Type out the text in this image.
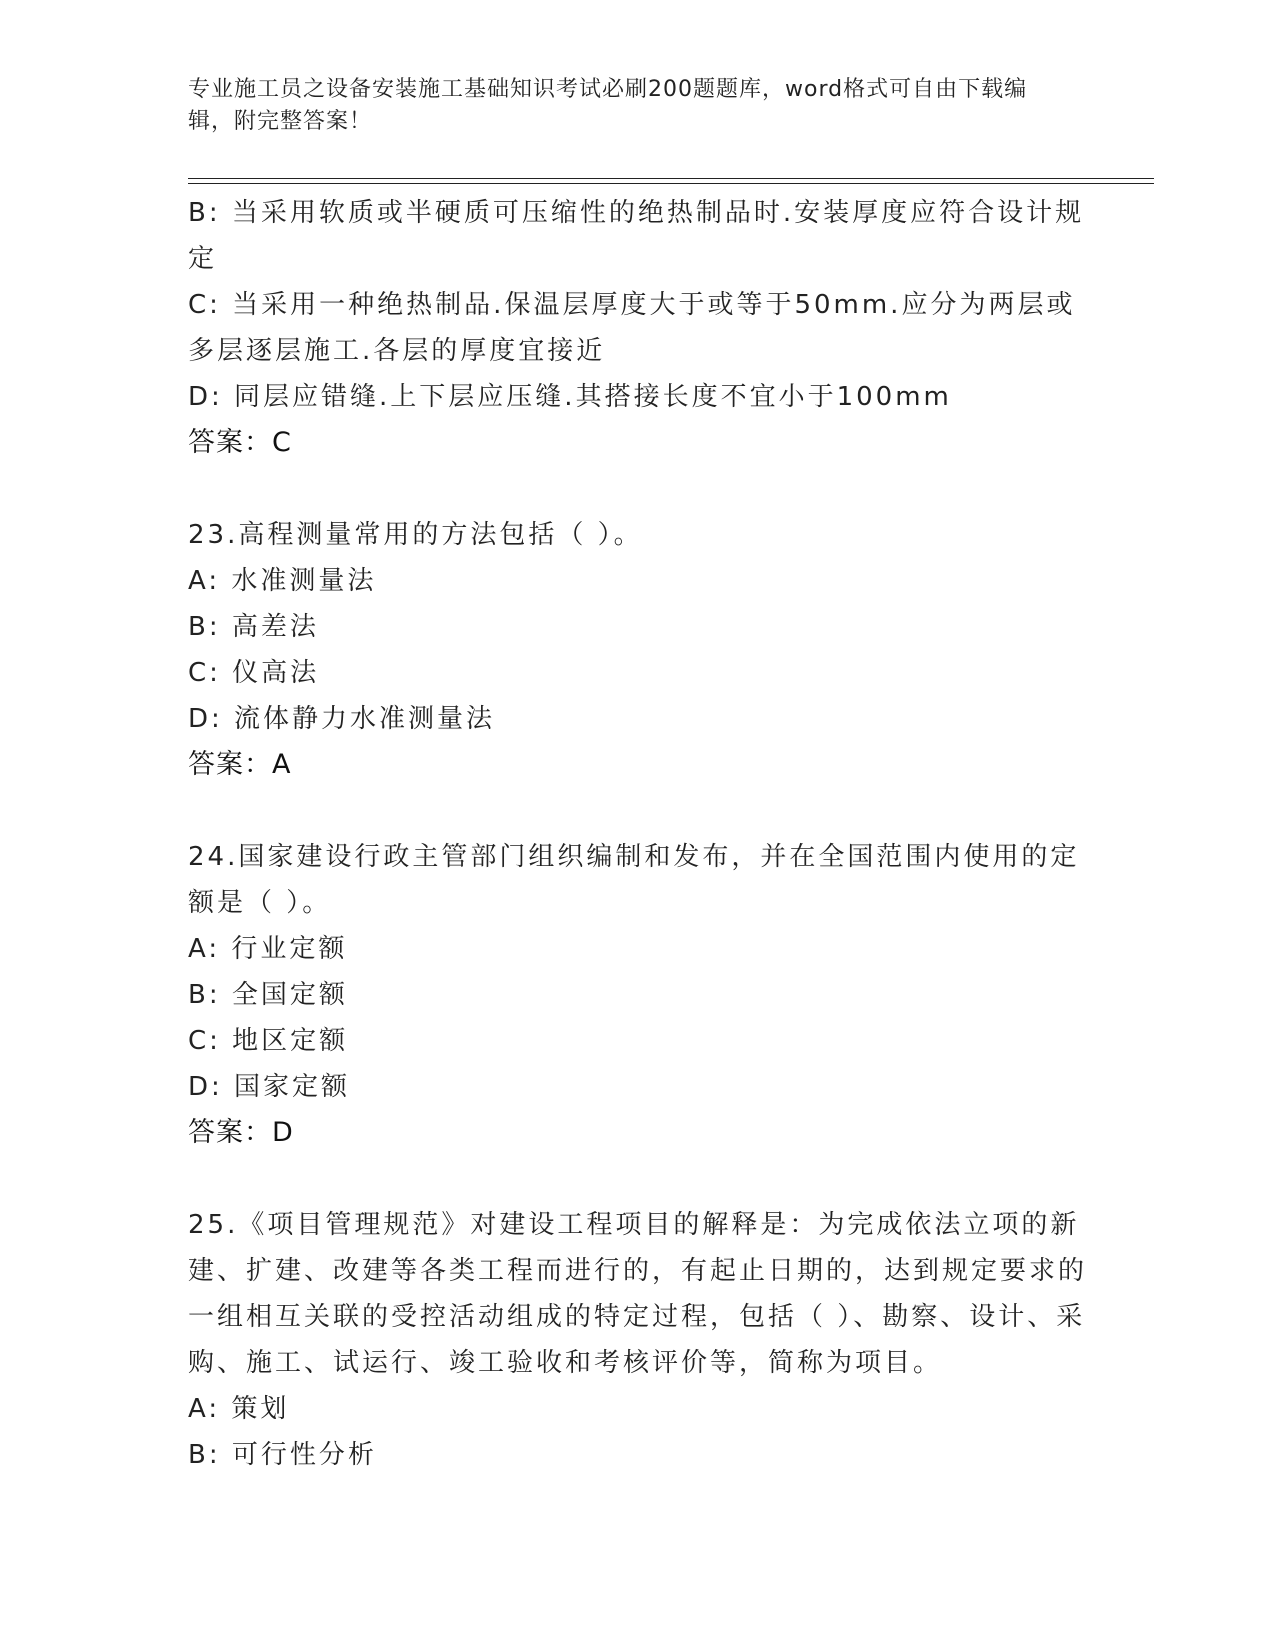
专业施工员之设备安装施工基础知识考试必刷200题题库，word格式可自由下载编辑，附完整答案！
B: 当采用软质或半硬质可压缩性的绝热制品时.安装厚度应符合设计规定
C: 当采用一种绝热制品.保温层厚度大于或等于50mm.应分为两层或多层逐层施工.各层的厚度宜接近
D: 同层应错缝.上下层应压缝.其搭接长度不宜小于100mm
答案：C
23.高程测量常用的方法包括（ ）。
A: 水准测量法
B: 高差法
C: 仪高法
D: 流体静力水准测量法
答案：A
24.国家建设行政主管部门组织编制和发布，并在全国范围内使用的定额是（ ）。
A: 行业定额
B: 全国定额
C: 地区定额
D: 国家定额
答案：D
25.《项目管理规范》对建设工程项目的解释是：为完成依法立项的新建、扩建、改建等各类工程而进行的，有起止日期的，达到规定要求的一组相互关联的受控活动组成的特定过程，包括（ ）、勘察、设计、采购、施工、试运行、竣工验收和考核评价等，简称为项目。
A: 策划
B: 可行性分析
